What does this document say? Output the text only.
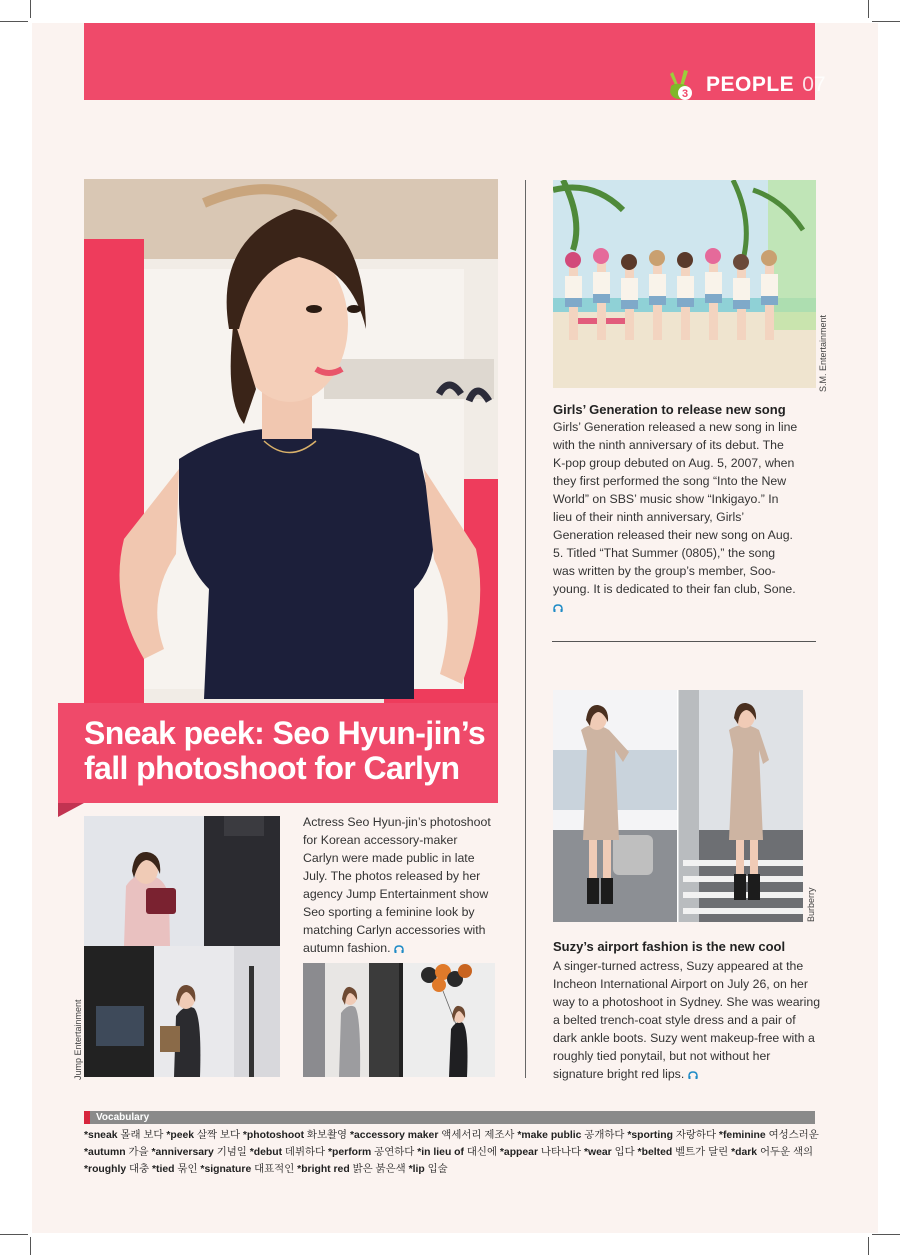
3 PEOPLE 07
Sneak peek: Seo Hyun-jin’s
fall photoshoot for Carlyn
Jump Entertainment
Actress Seo Hyun-jin’s photoshoot for Korean accessory-maker Carlyn were made public in late July. The photos released by her agency Jump Entertainment show Seo sporting a feminine look by matching Carlyn accessories with autumn fashion.
S.M. Entertainment
Girls’ Generation to release new song
Girls’ Generation released a new song in line with the ninth anniversary of its debut. The K-pop group debuted on Aug. 5, 2007, when they first performed the song “Into the New World” on SBS’ music show “Inkigayo.” In lieu of their ninth anniversary, Girls’ Generation released their new song on Aug. 5. Titled “That Summer (0805),” the song was written by the group’s member, Soo-young. It is dedicated to their fan club, Sone.
Burberry
Suzy’s airport fashion is the new cool
A singer-turned actress, Suzy appeared at the Incheon International Airport on July 26, on her way to a photoshoot in Sydney. She was wearing a belted trench-coat style dress and a pair of dark ankle boots. Suzy went makeup-free with a roughly tied ponytail, but not without her signature bright red lips.
Vocabulary
*sneak 몰래 보다 *peek 살짝 보다 *photoshoot 화보촬영 *accessory maker 액세서리 제조사 *make public 공개하다 *sporting 자랑하다 *feminine 여성스러운 *autumn 가을 *anniversary 기념일 *debut 데뷔하다 *perform 공연하다 *in lieu of 대신에 *appear 나타나다 *wear 입다 *belted 벨트가 달린 *dark 어두운 색의 *roughly 대충 *tied 묶인 *signature 대표적인 *bright red 밝은 붉은색 *lip 입술
